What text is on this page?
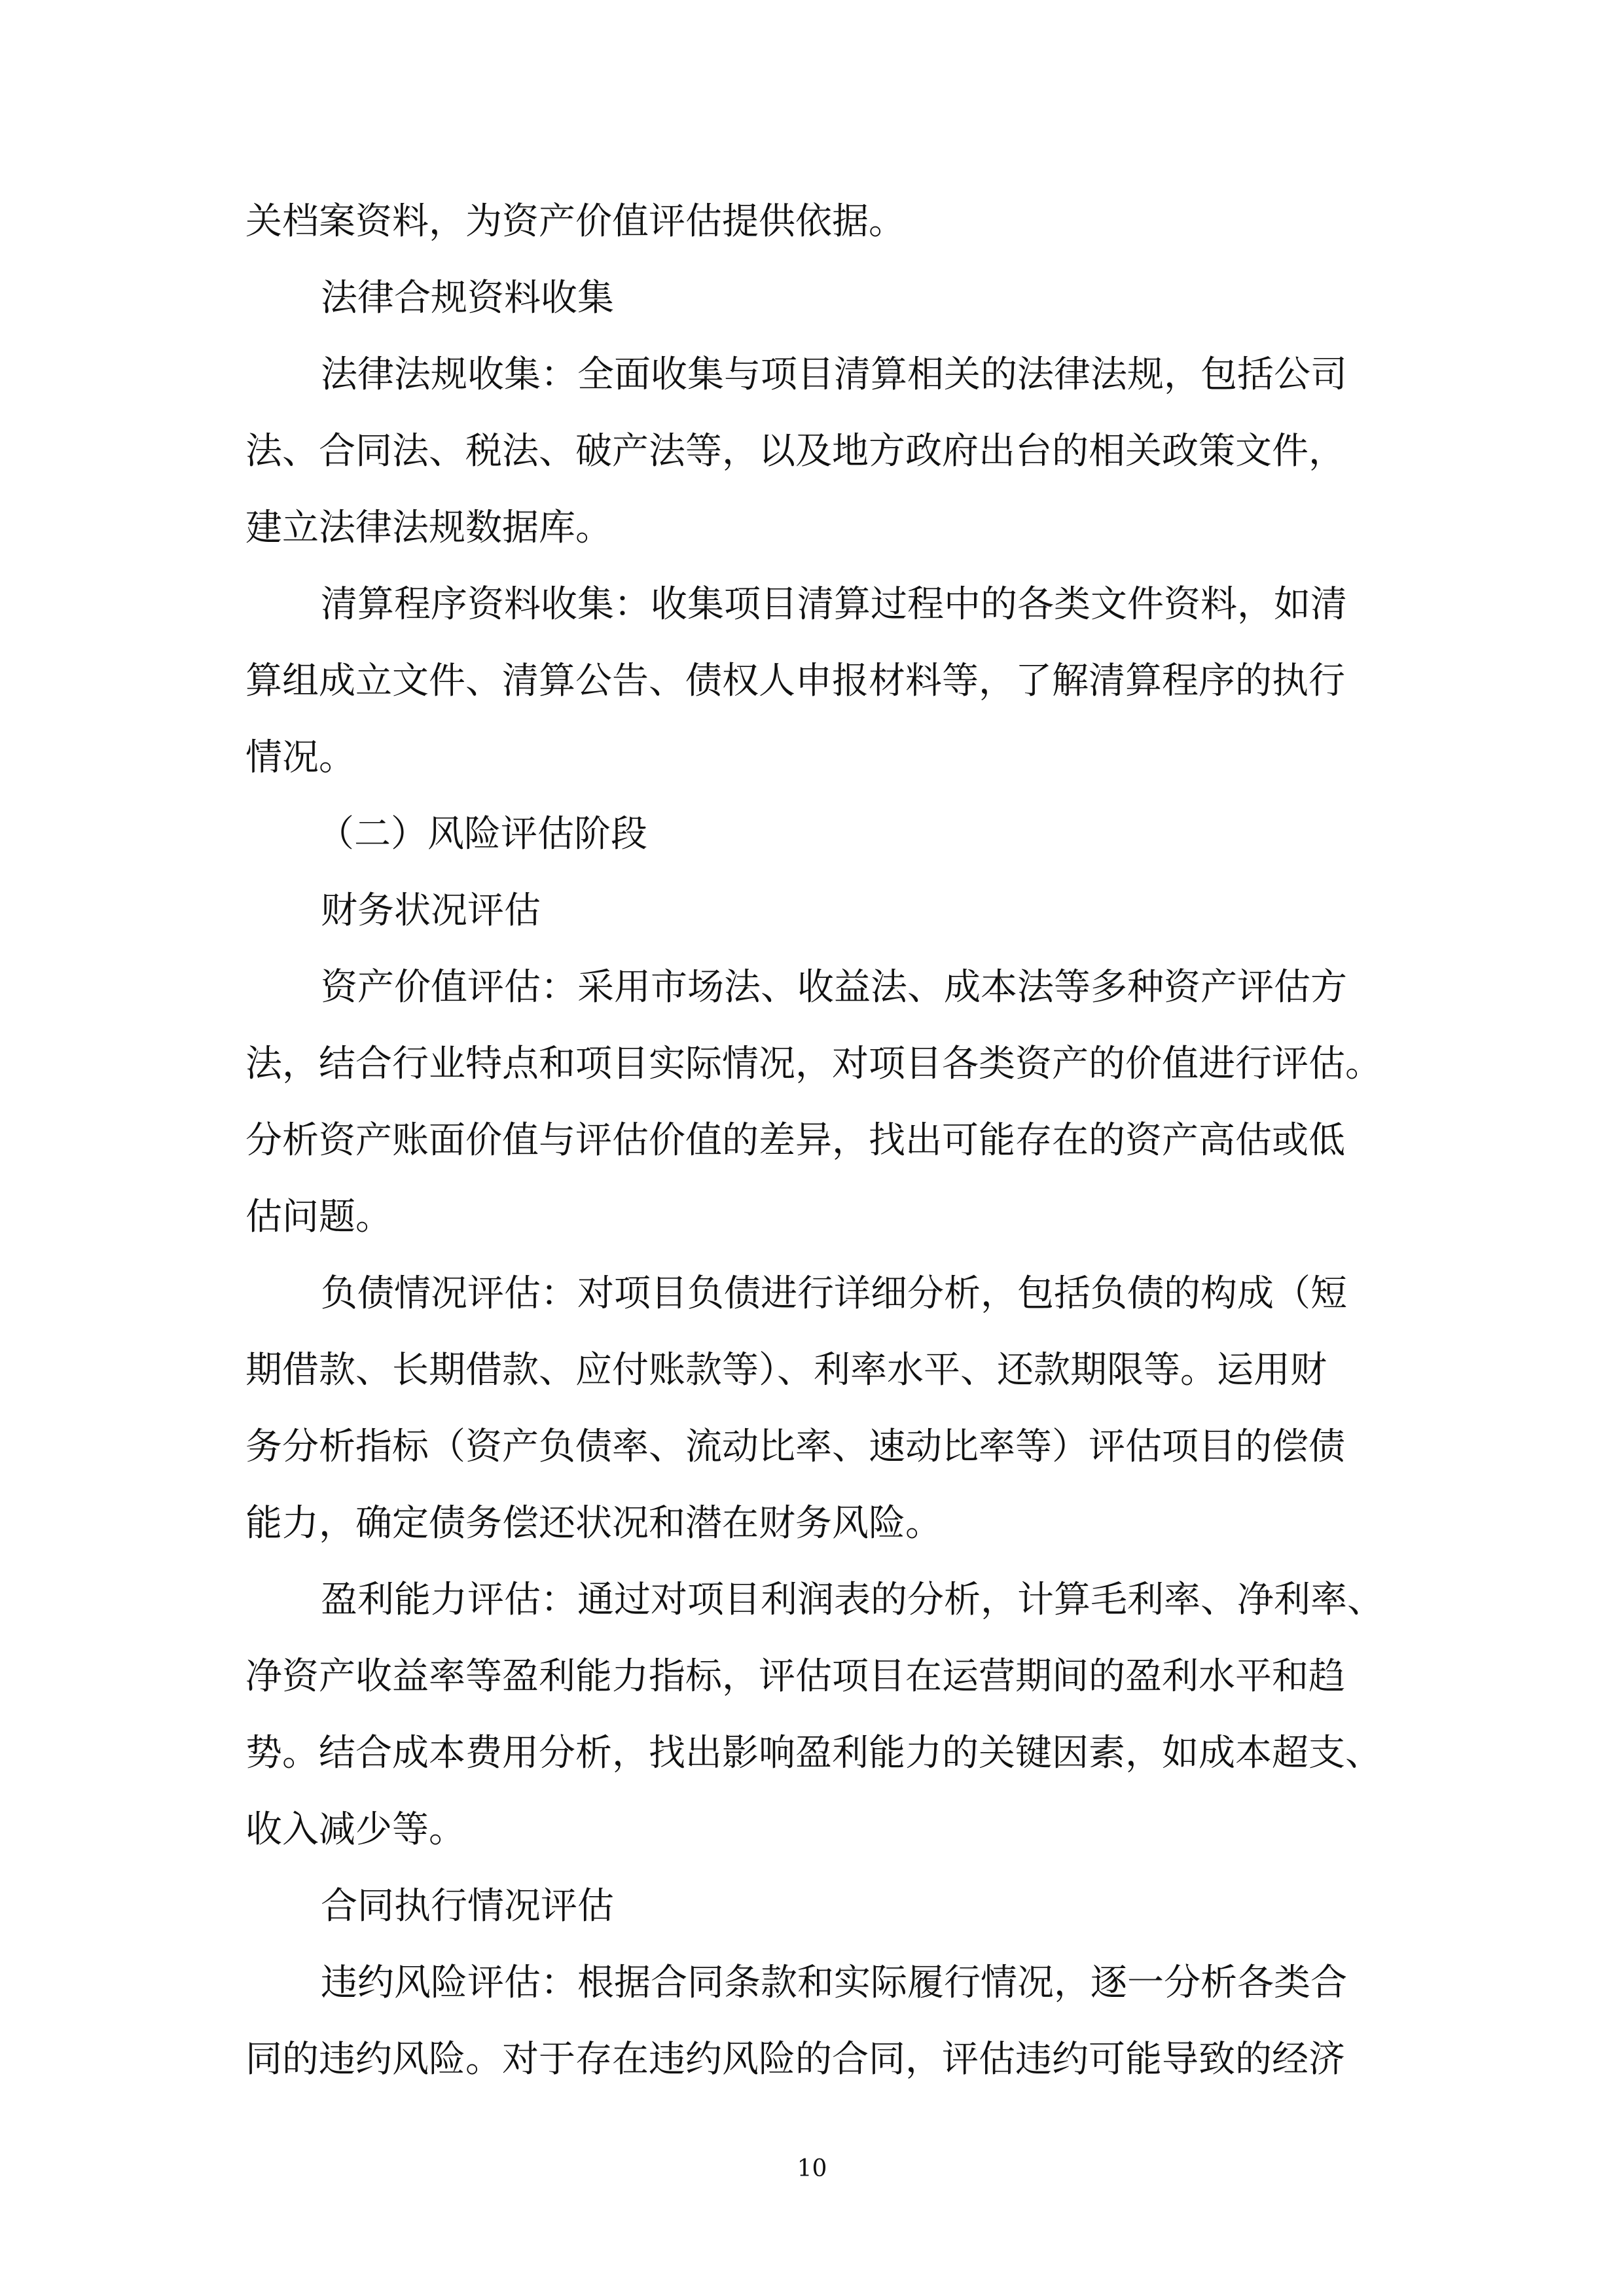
关档案资料，为资产价值评估提供依据。
法律合规资料收集
法律法规收集：全面收集与项目清算相关的法律法规，包括公司
法、合同法、税法、破产法等，以及地方政府出台的相关政策文件，
建立法律法规数据库。
清算程序资料收集：收集项目清算过程中的各类文件资料，如清
算组成立文件、清算公告、债权人申报材料等，了解清算程序的执行
情况。
（二）风险评估阶段
财务状况评估
资产价值评估：采用市场法、收益法、成本法等多种资产评估方
法，结合行业特点和项目实际情况，对项目各类资产的价值进行评估。
分析资产账面价值与评估价值的差异，找出可能存在的资产高估或低
估问题。
负债情况评估：对项目负债进行详细分析，包括负债的构成（短
期借款、长期借款、应付账款等）、利率水平、还款期限等。运用财
务分析指标（资产负债率、流动比率、速动比率等）评估项目的偿债
能力，确定债务偿还状况和潜在财务风险。
盈利能力评估：通过对项目利润表的分析，计算毛利率、净利率、
净资产收益率等盈利能力指标，评估项目在运营期间的盈利水平和趋
势。结合成本费用分析，找出影响盈利能力的关键因素，如成本超支、
收入减少等。
合同执行情况评估
违约风险评估：根据合同条款和实际履行情况，逐一分析各类合
同的违约风险。对于存在违约风险的合同，评估违约可能导致的经济
10
